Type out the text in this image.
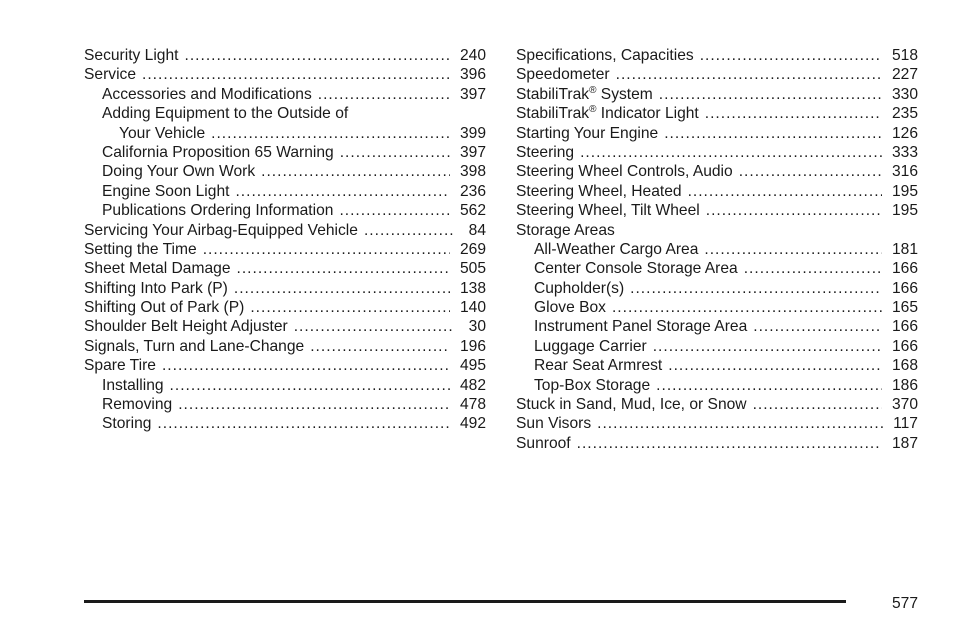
Security Light .....	240
Service .....	396
Accessories and Modifications .....	397
Adding Equipment to the Outside of
Your Vehicle .....	399
California Proposition 65 Warning .....	397
Doing Your Own Work .....	398
Engine Soon Light .....	236
Publications Ordering Information .....	562
Servicing Your Airbag-Equipped Vehicle .....	84
Setting the Time .....	269
Sheet Metal Damage .....	505
Shifting Into Park (P) .....	138
Shifting Out of Park (P) .....	140
Shoulder Belt Height Adjuster .....	30
Signals, Turn and Lane-Change .....	196
Spare Tire .....	495
Installing .....	482
Removing .....	478
Storing .....	492
Specifications, Capacities .....	518
Speedometer .....	227
StabiliTrak® System .....	330
StabiliTrak® Indicator Light .....	235
Starting Your Engine .....	126
Steering .....	333
Steering Wheel Controls, Audio .....	316
Steering Wheel, Heated .....	195
Steering Wheel, Tilt Wheel .....	195
Storage Areas
All-Weather Cargo Area .....	181
Center Console Storage Area .....	166
Cupholder(s) .....	166
Glove Box .....	165
Instrument Panel Storage Area .....	166
Luggage Carrier .....	166
Rear Seat Armrest .....	168
Top-Box Storage .....	186
Stuck in Sand, Mud, Ice, or Snow .....	370
Sun Visors .....	117
Sunroof .....	187
577
